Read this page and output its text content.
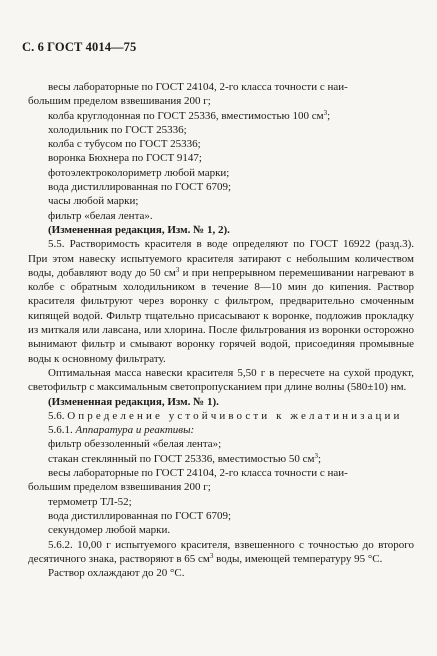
С. 6 ГОСТ 4014—75

весы лабораторные по ГОСТ 24104, 2-го класса точности с наи-

большим пределом взвешивания 200 г;

колба круглодонная по ГОСТ 25336, вместимостью 100 $см^3$;

холодильник по ГОСТ 25336;

колба с тубусом по ГОСТ 25336;

воронка Бюхнера по ГОСТ 9147;

фотоэлектроколориметр любой марки;

вода дистиллированная по ГОСТ 6709;

часы любой марки;

фильтр «белая лента».

(Измененная редакция, Изм. № 1, 2).

5.5. Растворимость красителя в воде определяют по ГОСТ 16922 (разд.3). При этом навеску испытуемого красителя затирают с небольшим количеством воды, добавляют воду до 50 $см^3$ и при непрерывном перемешивании нагревают в колбе с обратным холодильником в течение 8—10 мин до кипения. Раствор красителя фильтруют через воронку с фильтром, предварительно смоченным кипящей водой. Фильтр тщательно присасывают к воронке, подложив прокладку из миткаля или лавсана, или хлорина. После фильтрования из воронки осторожно вынимают фильтр и смывают воронку горячей водой, присоединяя промывные воды к основному фильтрату.

Оптимальная масса навески красителя 5,50 г в пересчете на сухой продукт, светофильтр с максимальным светопропусканием при длине волны (580±10) нм.

(Измененная редакция, Изм. № 1).

5.6. Определение устойчивости к желатинизации

5.6.1. Аппаратура и реактивы:

фильтр обеззоленный «белая лента»;

стакан стеклянный по ГОСТ 25336, вместимостью 50 $см^3$;

весы лабораторные по ГОСТ 24104, 2-го класса точности с наи-

большим пределом взвешивания 200 г;

термометр ТЛ-52;

вода дистиллированная по ГОСТ 6709;

секундомер любой марки.

5.6.2. 10,00 г испытуемого красителя, взвешенного с точностью до второго десятичного знака, растворяют в 65 $см^3$ воды, имеющей температуру 95 °С.

Раствор охлаждают до 20 °С.
